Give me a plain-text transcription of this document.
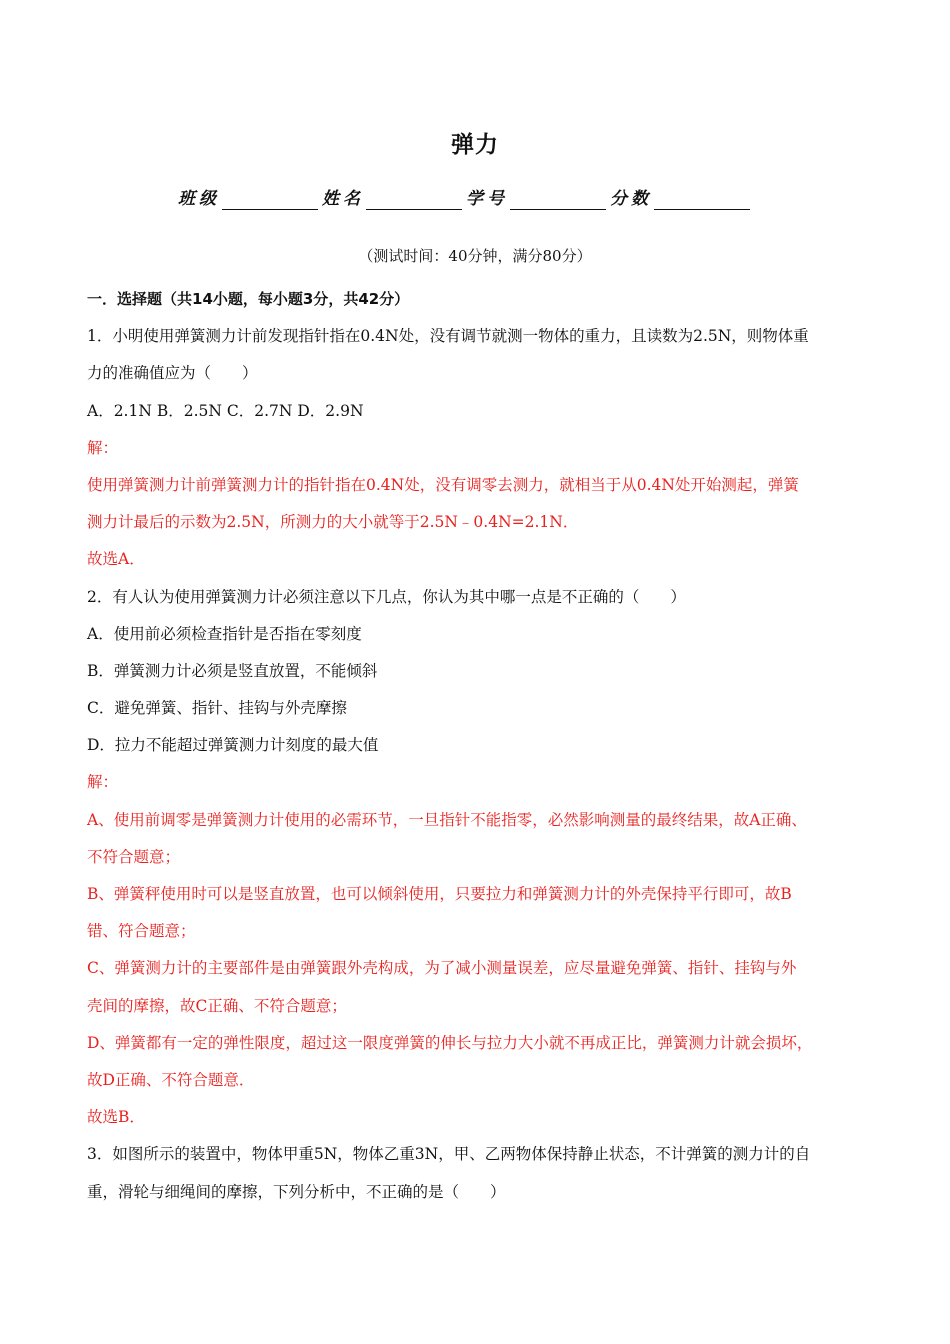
弹力
班级	姓名	学号	分数
（测试时间：40分钟，满分80分）
一．选择题（共14小题，每小题3分，共42分）
1．小明使用弹簧测力计前发现指针指在0.4N处，没有调节就测一物体的重力，且读数为2.5N，则物体重
力的准确值应为（　　）
A．2.1N B．2.5N C．2.7N D．2.9N
解：
使用弹簧测力计前弹簧测力计的指针指在0.4N处，没有调零去测力，就相当于从0.4N处开始测起，弹簧
测力计最后的示数为2.5N，所测力的大小就等于2.5N﹣0.4N=2.1N．
故选A．
2．有人认为使用弹簧测力计必须注意以下几点，你认为其中哪一点是不正确的（　　）
A．使用前必须检查指针是否指在零刻度
B．弹簧测力计必须是竖直放置，不能倾斜
C．避免弹簧、指针、挂钩与外壳摩擦
D．拉力不能超过弹簧测力计刻度的最大值
解：
A、使用前调零是弹簧测力计使用的必需环节，一旦指针不能指零，必然影响测量的最终结果，故A正确、
不符合题意；
B、弹簧秤使用时可以是竖直放置，也可以倾斜使用，只要拉力和弹簧测力计的外壳保持平行即可，故B
错、符合题意；
C、弹簧测力计的主要部件是由弹簧跟外壳构成，为了减小测量误差，应尽量避免弹簧、指针、挂钩与外
壳间的摩擦，故C正确、不符合题意；
D、弹簧都有一定的弹性限度，超过这一限度弹簧的伸长与拉力大小就不再成正比，弹簧测力计就会损坏，
故D正确、不符合题意．
故选B．
3．如图所示的装置中，物体甲重5N，物体乙重3N，甲、乙两物体保持静止状态，不计弹簧的测力计的自
重，滑轮与细绳间的摩擦，下列分析中，不正确的是（　　）
